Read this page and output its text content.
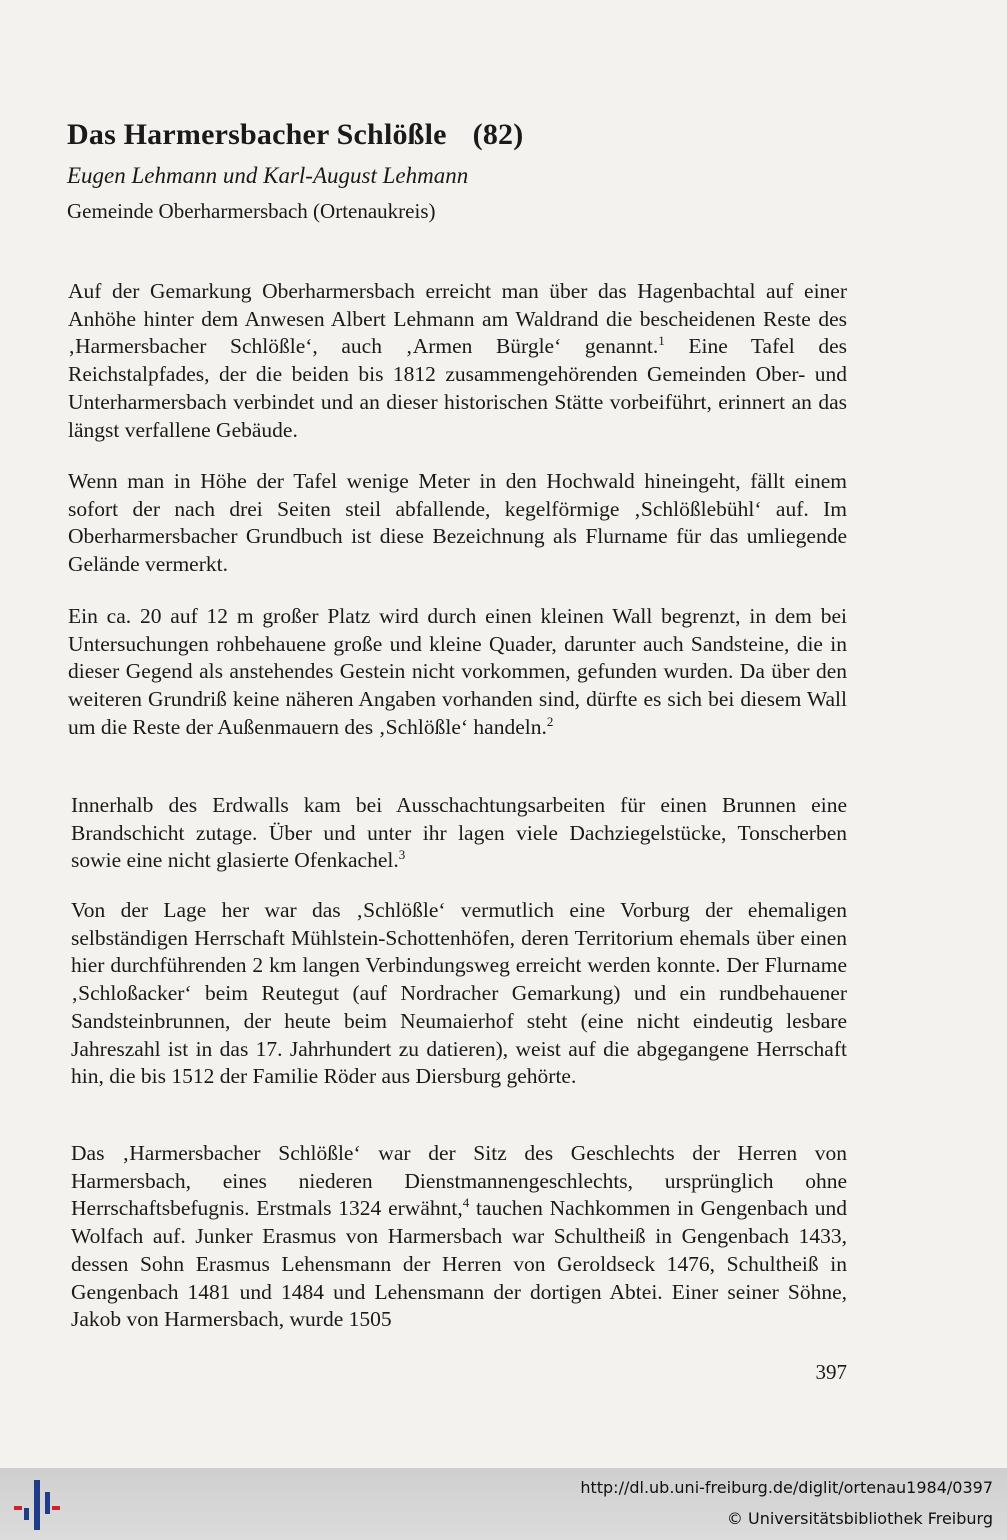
Das Harmersbacher Schlößle (82)

Eugen Lehmann und Karl-August Lehmann

Gemeinde Oberharmersbach (Ortenaukreis)

Auf der Gemarkung Oberharmersbach erreicht man über das Hagenbachtal auf einer Anhöhe hinter dem Anwesen Albert Lehmann am Waldrand die bescheidenen Reste des ‚Harmersbacher Schlößle‘, auch ‚Armen Bürgle‘ genannt.$^1$ Eine Tafel des Reichstalpfades, der die beiden bis 1812 zusammengehörenden Gemeinden Ober- und Unterharmersbach verbindet und an dieser historischen Stätte vorbeiführt, erinnert an das längst verfallene Gebäude.

Wenn man in Höhe der Tafel wenige Meter in den Hochwald hineingeht, fällt einem sofort der nach drei Seiten steil abfallende, kegelförmige ‚Schlößlebühl‘ auf. Im Oberharmersbacher Grundbuch ist diese Bezeichnung als Flurname für das umliegende Gelände vermerkt.

Ein ca. 20 auf 12 m großer Platz wird durch einen kleinen Wall begrenzt, in dem bei Untersuchungen rohbehauene große und kleine Quader, darunter auch Sandsteine, die in dieser Gegend als anstehendes Gestein nicht vorkommen, gefunden wurden. Da über den weiteren Grundriß keine näheren Angaben vorhanden sind, dürfte es sich bei diesem Wall um die Reste der Außenmauern des ‚Schlößle‘ handeln.$^2$

Innerhalb des Erdwalls kam bei Ausschachtungsarbeiten für einen Brunnen eine Brandschicht zutage. Über und unter ihr lagen viele Dachziegelstücke, Tonscherben sowie eine nicht glasierte Ofenkachel.$^3$

Von der Lage her war das ‚Schlößle‘ vermutlich eine Vorburg der ehemaligen selbständigen Herrschaft Mühlstein-Schottenhöfen, deren Territorium ehemals über einen hier durchführenden 2 km langen Verbindungsweg erreicht werden konnte. Der Flurname ‚Schloßacker‘ beim Reutegut (auf Nordracher Gemarkung) und ein rundbehauener Sandsteinbrunnen, der heute beim Neumaierhof steht (eine nicht eindeutig lesbare Jahreszahl ist in das 17. Jahrhundert zu datieren), weist auf die abgegangene Herrschaft hin, die bis 1512 der Familie Röder aus Diersburg gehörte.

Das ‚Harmersbacher Schlößle‘ war der Sitz des Geschlechts der Herren von Harmersbach, eines niederen Dienstmannengeschlechts, ursprünglich ohne Herrschaftsbefugnis. Erstmals 1324 erwähnt,$^4$ tauchen Nachkommen in Gengenbach und Wolfach auf. Junker Erasmus von Harmersbach war Schultheiß in Gengenbach 1433, dessen Sohn Erasmus Lehensmann der Herren von Geroldseck 1476, Schultheiß in Gengenbach 1481 und 1484 und Lehensmann der dortigen Abtei. Einer seiner Söhne, Jakob von Harmersbach, wurde 1505

397

http://dl.ub.uni-freiburg.de/diglit/ortenau1984/0397
© Universitätsbibliothek Freiburg
